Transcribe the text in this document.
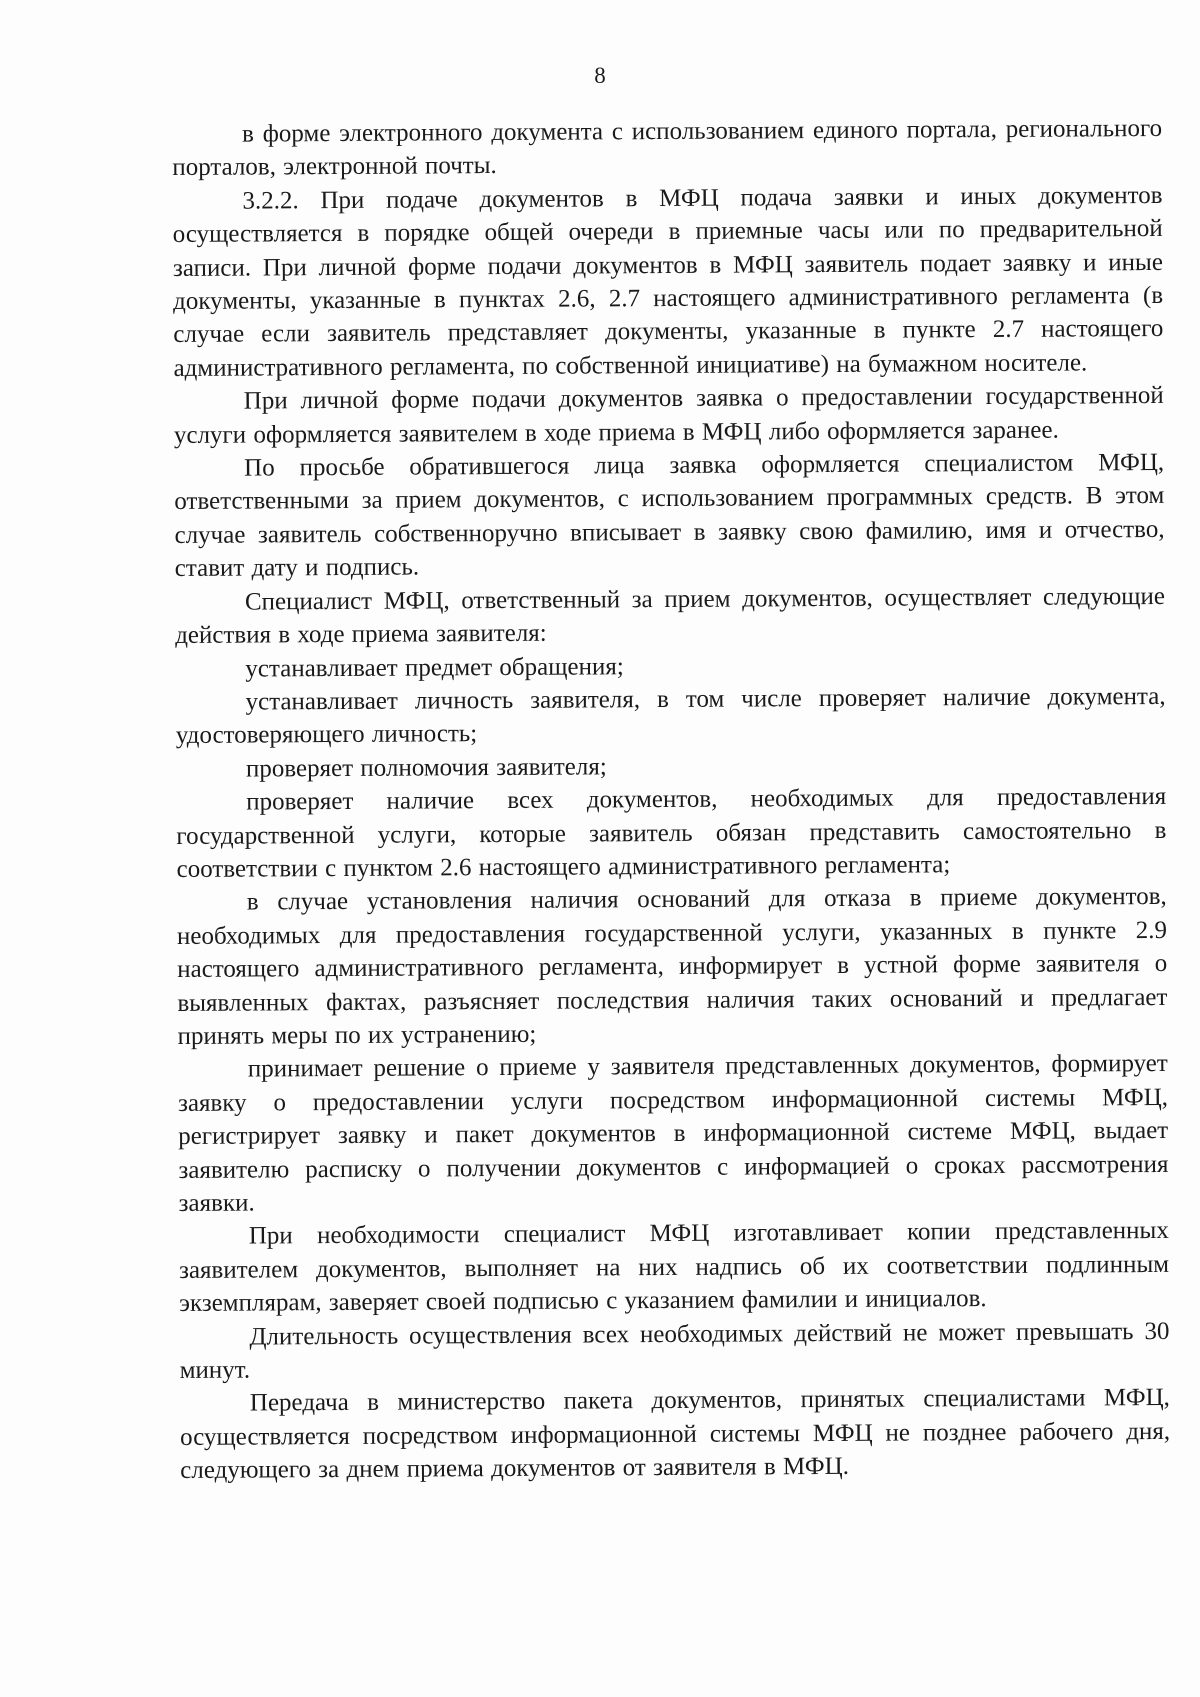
8

в форме электронного документа с использованием единого портала, регионального порталов, электронной почты.

3.2.2. При подаче документов в МФЦ подача заявки и иных документов осуществляется в порядке общей очереди в приемные часы или по предварительной записи. При личной форме подачи документов в МФЦ заявитель подает заявку и иные документы, указанные в пунктах 2.6, 2.7 настоящего административного регламента (в случае если заявитель представляет документы, указанные в пункте 2.7 настоящего административного регламента, по собственной инициативе) на бумажном носителе.

При личной форме подачи документов заявка о предоставлении государственной услуги оформляется заявителем в ходе приема в МФЦ либо оформляется заранее.

По просьбе обратившегося лица заявка оформляется специалистом МФЦ, ответственными за прием документов, с использованием программных средств. В этом случае заявитель собственноручно вписывает в заявку свою фамилию, имя и отчество, ставит дату и подпись.

Специалист МФЦ, ответственный за прием документов, осуществляет следующие действия в ходе приема заявителя:

устанавливает предмет обращения;

устанавливает личность заявителя, в том числе проверяет наличие документа, удостоверяющего личность;

проверяет полномочия заявителя;

проверяет наличие всех документов, необходимых для предоставления государственной услуги, которые заявитель обязан представить самостоятельно в соответствии с пунктом 2.6 настоящего административного регламента;

в случае установления наличия оснований для отказа в приеме документов, необходимых для предоставления государственной услуги, указанных в пункте 2.9 настоящего административного регламента, информирует в устной форме заявителя о выявленных фактах, разъясняет последствия наличия таких оснований и предлагает принять меры по их устранению;

принимает решение о приеме у заявителя представленных документов, формирует заявку о предоставлении услуги посредством информационной системы МФЦ, регистрирует заявку и пакет документов в информационной системе МФЦ, выдает заявителю расписку о получении документов с информацией о сроках рассмотрения заявки.

При необходимости специалист МФЦ изготавливает копии представленных заявителем документов, выполняет на них надпись об их соответствии подлинным экземплярам, заверяет своей подписью с указанием фамилии и инициалов.

Длительность осуществления всех необходимых действий не может превышать 30 минут.

Передача в министерство пакета документов, принятых специалистами МФЦ, осуществляется посредством информационной системы МФЦ не позднее рабочего дня, следующего за днем приема документов от заявителя в МФЦ.
